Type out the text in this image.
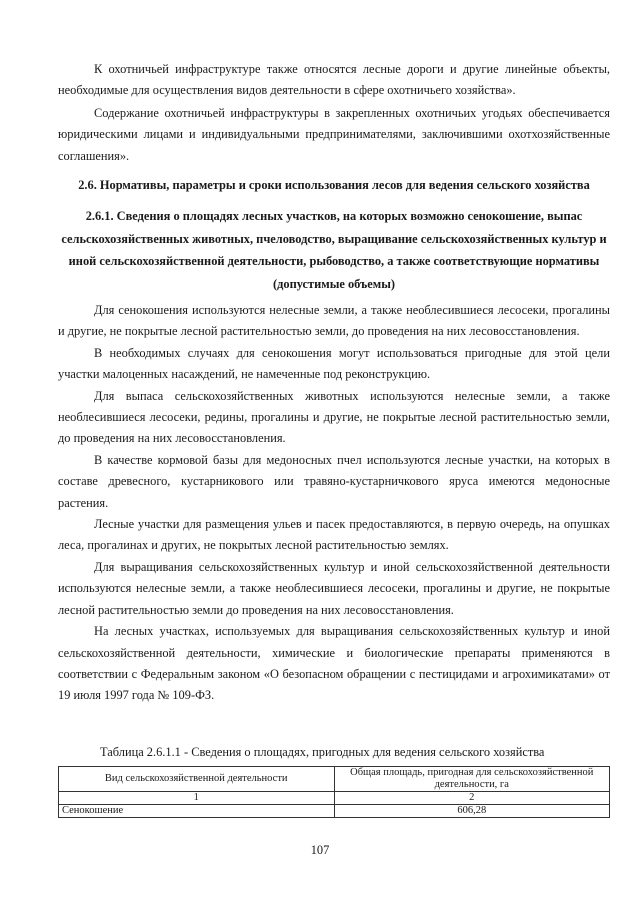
К охотничьей инфраструктуре также относятся лесные дороги и другие линейные объекты, необходимые для осуществления видов деятельности в сфере охотничьего хозяйства».

Содержание охотничьей инфраструктуры в закрепленных охотничьих угодьях обеспечивается юридическими лицами и индивидуальными предпринимателями, заключившими охотхозяйственные соглашения».

2.6. Нормативы, параметры и сроки использования лесов для ведения сельского хозяйства
2.6.1. Сведения о площадях лесных участков, на которых возможно сенокошение, выпас сельскохозяйственных животных, пчеловодство, выращивание сельскохозяйственных культур и иной сельскохозяйственной деятельности, рыбоводство, а также соответствующие нормативы (допустимые объемы)

Для сенокошения используются нелесные земли, а также необлесившиеся лесосеки, прогалины и другие, не покрытые лесной растительностью земли, до проведения на них лесовосстановления.

В необходимых случаях для сенокошения могут использоваться пригодные для этой цели участки малоценных насаждений, не намеченные под реконструкцию.

Для выпаса сельскохозяйственных животных используются нелесные земли, а также необлесившиеся лесосеки, редины, прогалины и другие, не покрытые лесной растительностью земли, до проведения на них лесовосстановления.

В качестве кормовой базы для медоносных пчел используются лесные участки, на которых в составе древесного, кустарникового или травяно-кустарничкового яруса имеются медоносные растения.

Лесные участки для размещения ульев и пасек предоставляются, в первую очередь, на опушках леса, прогалинах и других, не покрытых лесной растительностью землях.

Для выращивания сельскохозяйственных культур и иной сельскохозяйственной деятельности используются нелесные земли, а также необлесившиеся лесосеки, прогалины и другие, не покрытые лесной растительностью земли до проведения на них лесовосстановления.

На лесных участках, используемых для выращивания сельскохозяйственных культур и иной сельскохозяйственной деятельности, химические и биологические препараты применяются в соответствии с Федеральным законом «О безопасном обращении с пестицидами и агрохимикатами» от 19 июля 1997 года № 109-ФЗ.

Таблица 2.6.1.1 - Сведения о площадях, пригодных для ведения сельского хозяйства
Вид сельскохозяйственной деятельности	Общая площадь, пригодная для сельскохозяйственной деятельности, га
1	2
Сенокошение	606,28
107
